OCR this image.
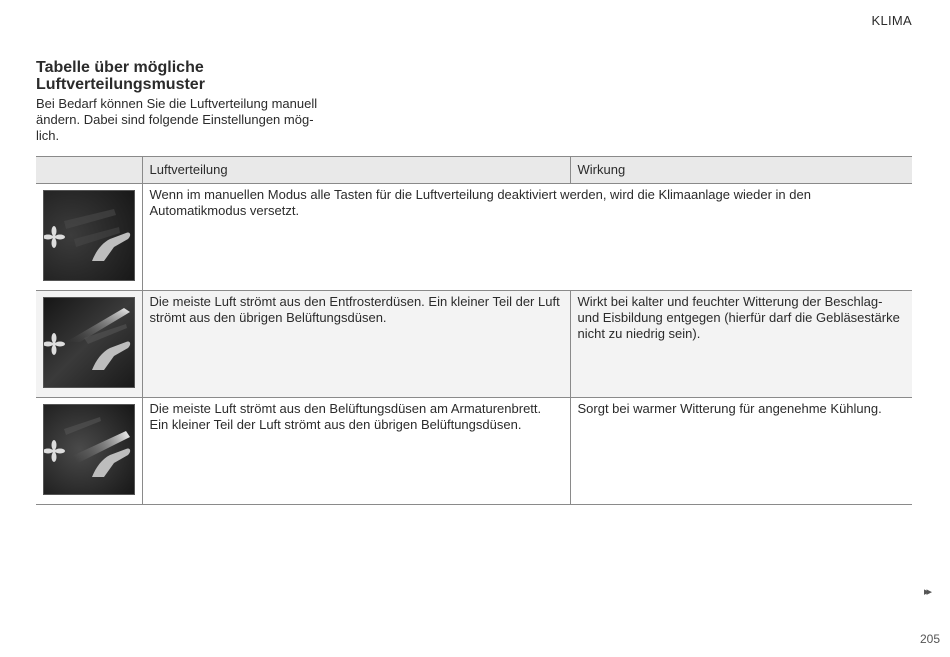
KLIMA
Tabelle über mögliche Luftverteilungsmuster

Bei Bedarf können Sie die Luftverteilung manuell
ändern. Dabei sind folgende Einstellungen mög-
lich.

	Luftverteilung	Wirkung

	Wenn im manuellen Modus alle Tasten für die Luftverteilung deaktiviert werden, wird die Klimaanlage wieder in den Automatikmodus versetzt.	

	Die meiste Luft strömt aus den Entfrosterdüsen. Ein kleiner Teil der Luft strömt aus den übrigen Belüftungsdüsen.	Wirkt bei kalter und feuchter Witterung der Beschlag- und Eisbildung entgegen (hierfür darf die Gebläsestärke nicht zu niedrig sein).

	Die meiste Luft strömt aus den Belüftungsdüsen am Armaturenbrett. Ein kleiner Teil der Luft strömt aus den übrigen Belüftungsdüsen.	Sorgt bei warmer Witterung für angenehme Kühlung.
▸▸
205
